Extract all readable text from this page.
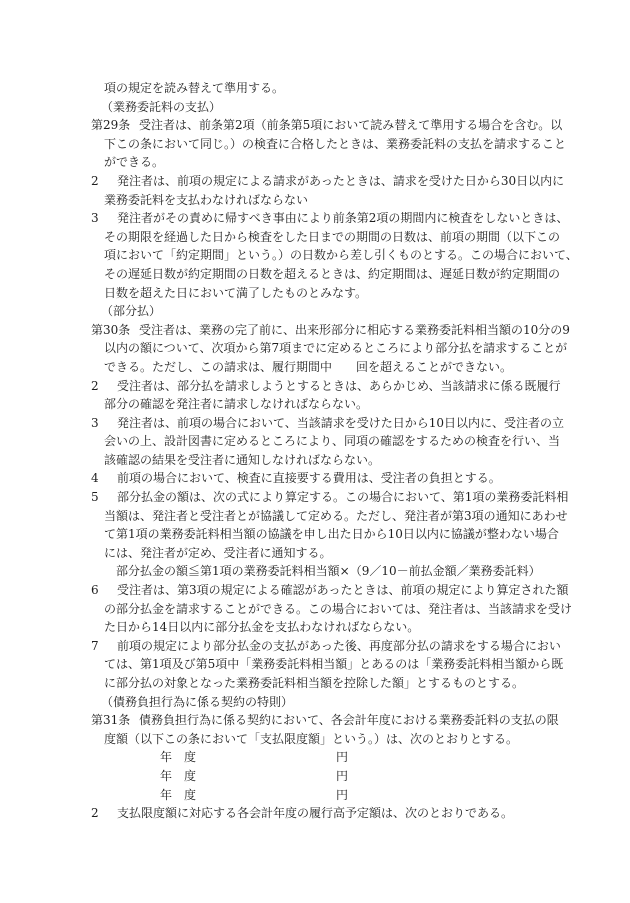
項の規定を読み替えて準用する。
（業務委託料の支払）
第29条 受注者は、前条第2項（前条第5項において読み替えて準用する場合を含む。以
下この条において同じ。）の検査に合格したときは、業務委託料の支払を請求すること
ができる。
2 発注者は、前項の規定による請求があったときは、請求を受けた日から30日以内に
業務委託料を支払わなければならない
3 発注者がその責めに帰すべき事由により前条第2項の期間内に検査をしないときは、
その期限を経過した日から検査をした日までの期間の日数は、前項の期間（以下この
項において「約定期間」という。）の日数から差し引くものとする。この場合において、
その遅延日数が約定期間の日数を超えるときは、約定期間は、遅延日数が約定期間の
日数を超えた日において満了したものとみなす。
（部分払）
第30条 受注者は、業務の完了前に、出来形部分に相応する業務委託料相当額の10分の9
以内の額について、次項から第7項までに定めるところにより部分払を請求することが
できる。ただし、この請求は、履行期間中　　回を超えることができない。
2 受注者は、部分払を請求しようとするときは、あらかじめ、当該請求に係る既履行
部分の確認を発注者に請求しなければならない。
3 発注者は、前項の場合において、当該請求を受けた日から10日以内に、受注者の立
会いの上、設計図書に定めるところにより、同項の確認をするための検査を行い、当
該確認の結果を受注者に通知しなければならない。
4 前項の場合において、検査に直接要する費用は、受注者の負担とする。
5 部分払金の額は、次の式により算定する。この場合において、第1項の業務委託料相
当額は、発注者と受注者とが協議して定める。ただし、発注者が第3項の通知にあわせ
て第1項の業務委託料相当額の協議を申し出た日から10日以内に協議が整わない場合
には、発注者が定め、受注者に通知する。
部分払金の額≦第1項の業務委託料相当額×（9／10－前払金額／業務委託料）
6 受注者は、第3項の規定による確認があったときは、前項の規定により算定された額
の部分払金を請求することができる。この場合においては、発注者は、当該請求を受け
た日から14日以内に部分払金を支払わなければならない。
7 前項の規定により部分払金の支払があった後、再度部分払の請求をする場合におい
ては、第1項及び第5項中「業務委託料相当額」とあるのは「業務委託料相当額から既
に部分払の対象となった業務委託料相当額を控除した額」とするものとする。
（債務負担行為に係る契約の特則）
第31条 債務負担行為に係る契約において、各会計年度における業務委託料の支払の限
度額（以下この条において「支払限度額」という。）は、次のとおりとする。
年　度	円
年　度	円
年　度	円
2 支払限度額に対応する各会計年度の履行高予定額は、次のとおりである。
